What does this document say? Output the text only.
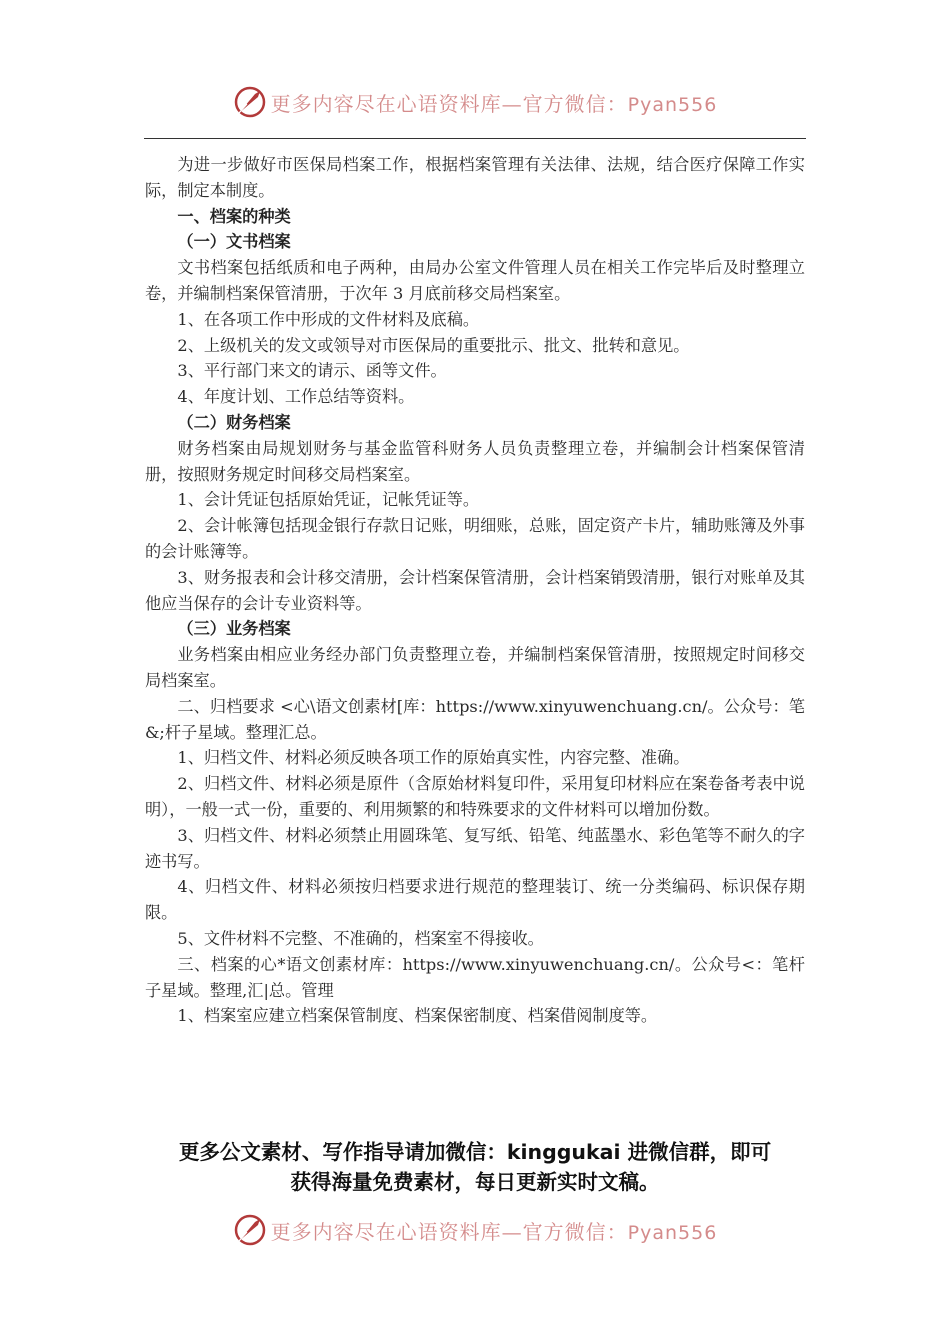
更多内容尽在心语资料库—官方微信：Pyan556

为进一步做好市医保局档案工作，根据档案管理有关法律、法规，结合医疗保障工作实际，制定本制度。

一、档案的种类

（一）文书档案

文书档案包括纸质和电子两种，由局办公室文件管理人员在相关工作完毕后及时整理立卷，并编制档案保管清册，于次年 3 月底前移交局档案室。

1、在各项工作中形成的文件材料及底稿。

2、上级机关的发文或领导对市医保局的重要批示、批文、批转和意见。

3、平行部门来文的请示、函等文件。

4、年度计划、工作总结等资料。

（二）财务档案

财务档案由局规划财务与基金监管科财务人员负责整理立卷，并编制会计档案保管清册，按照财务规定时间移交局档案室。

1、会计凭证包括原始凭证，记帐凭证等。

2、会计帐簿包括现金银行存款日记账，明细账，总账，固定资产卡片，辅助账簿及外事的会计账簿等。

3、财务报表和会计移交清册，会计档案保管清册，会计档案销毁清册，银行对账单及其他应当保存的会计专业资料等。

（三）业务档案

业务档案由相应业务经办部门负责整理立卷，并编制档案保管清册，按照规定时间移交局档案室。

二、归档要求 <心\语文创素材[库：https://www.xinyuwenchuang.cn/。公众号：笔&;杆子星域。整理汇总。

1、归档文件、材料必须反映各项工作的原始真实性，内容完整、准确。

2、归档文件、材料必须是原件（含原始材料复印件，采用复印材料应在案卷备考表中说明），一般一式一份，重要的、利用频繁的和特殊要求的文件材料可以增加份数。

3、归档文件、材料必须禁止用圆珠笔、复写纸、铅笔、纯蓝墨水、彩色笔等不耐久的字迹书写。

4、归档文件、材料必须按归档要求进行规范的整理装订、统一分类编码、标识保存期限。

5、文件材料不完整、不准确的，档案室不得接收。

三、档案的心*语文创素材库：https://www.xinyuwenchuang.cn/。公众号<：笔杆子星域。整理,汇|总。管理

1、档案室应建立档案保管制度、档案保密制度、档案借阅制度等。

更多公文素材、写作指导请加微信：kinggukai 进微信群，即可
获得海量免费素材，每日更新实时文稿。
更多内容尽在心语资料库—官方微信：Pyan556
